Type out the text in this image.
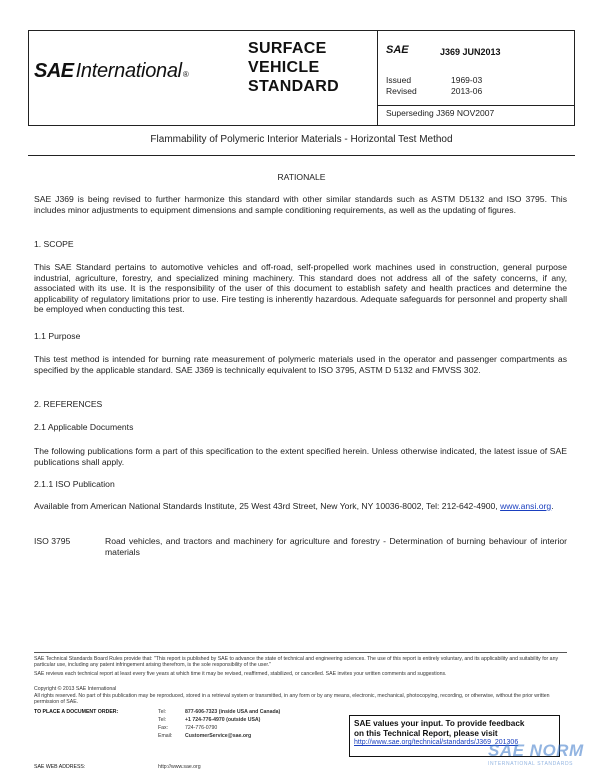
SAE International ®
SURFACE
VEHICLE
STANDARD
SAE	J369 JUN2013
Issued	1969-03
Revised	2013-06
Superseding J369 NOV2007
Flammability of Polymeric Interior Materials - Horizontal Test Method
RATIONALE
SAE J369 is being revised to further harmonize this standard with other similar standards such as ASTM D5132 and ISO 3795. This includes minor adjustments to equipment dimensions and sample conditioning requirements, as well as the updating of figures.
1. SCOPE
This SAE Standard pertains to automotive vehicles and off-road, self-propelled work machines used in construction, general purpose industrial, agriculture, forestry, and specialized mining machinery. This standard does not address all of the safety concerns, if any, associated with its use. It is the responsibility of the user of this document to establish safety and health practices and determine the applicability of regulatory limitations prior to use. Fire testing is inherently hazardous. Adequate safeguards for personnel and property shall be employed when conducting this test.
1.1 Purpose
This test method is intended for burning rate measurement of polymeric materials used in the operator and passenger compartments as specified by the applicable standard. SAE J369 is technically equivalent to ISO 3795, ASTM D 5132 and FMVSS 302.
2. REFERENCES
2.1 Applicable Documents
The following publications form a part of this specification to the extent specified herein. Unless otherwise indicated, the latest issue of SAE publications shall apply.
2.1.1 ISO Publication
Available from American National Standards Institute, 25 West 43rd Street, New York, NY 10036-8002, Tel: 212-642-4900, www.ansi.org.
ISO 3795	Road vehicles, and tractors and machinery for agriculture and forestry - Determination of burning behaviour of interior materials
SAE Technical Standards Board Rules provide that: "This report is published by SAE to advance the state of technical and engineering sciences. The use of this report is entirely voluntary, and its applicability and suitability for any particular use, including any patent infringement arising therefrom, is the sole responsibility of the user."
SAE reviews each technical report at least every five years at which time it may be revised, reaffirmed, stabilized, or cancelled. SAE invites your written comments and suggestions.
Copyright © 2013 SAE International
All rights reserved. No part of this publication may be reproduced, stored in a retrieval system or transmitted, in any form or by any means, electronic, mechanical, photocopying, recording, or otherwise, without the prior written permission of SAE.
TO PLACE A DOCUMENT ORDER:
SAE WEB ADDRESS:
Tel:	877-606-7323 (inside USA and Canada)
Tel:	+1 724-776-4970 (outside USA)
Fax:	724-776-0790
Email: CustomerService@sae.org
http://www.sae.org
SAE values your input. To provide feedback
on this Technical Report, please visit
http://www.sae.org/technical/standards/J369_201306
SAE NORM
INTERNATIONAL STANDARDS
